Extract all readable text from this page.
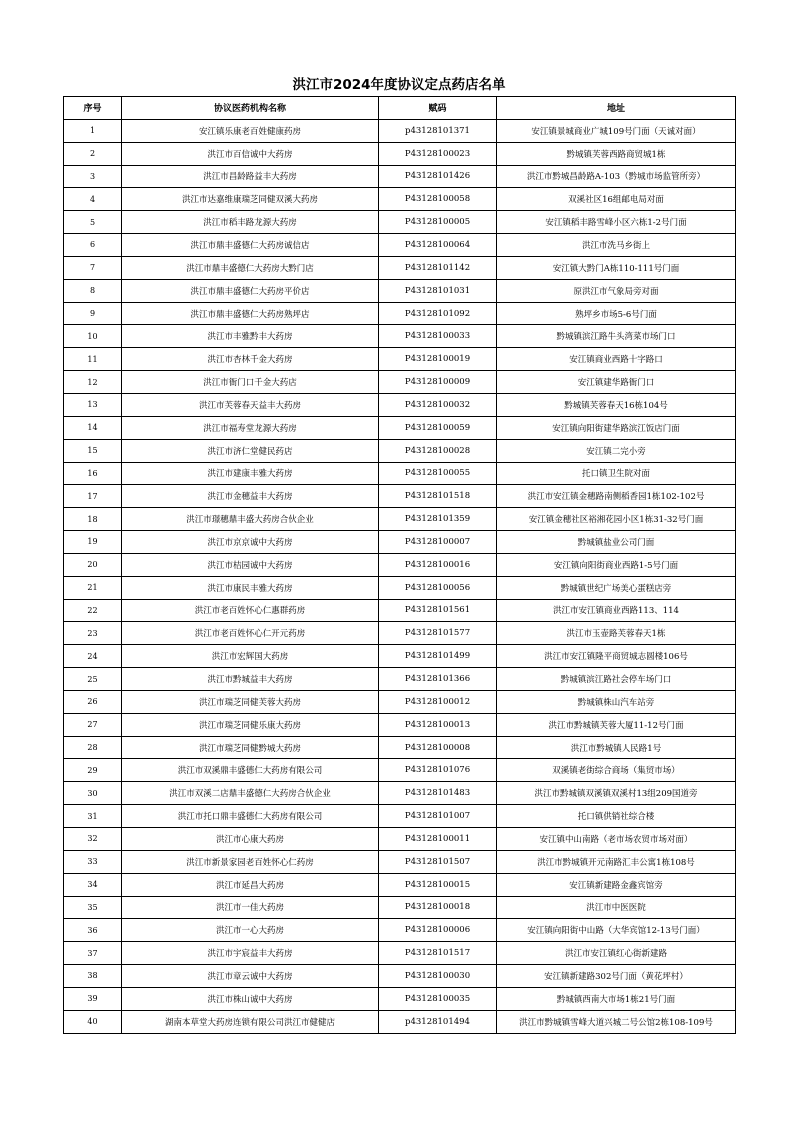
洪江市2024年度协议定点药店名单
序号	协议医药机构名称	赋码	地址
1	安江镇乐康老百姓健康药房	p43128101371	安江镇景城商业广城109号门面（天诚对面）
2	洪江市百信诚中大药房	P43128100023	黔城镇芙蓉西路商贸城1栋
3	洪江市昌龄路益丰大药房	P43128101426	洪江市黔城昌龄路A-103（黔城市场监管所旁）
4	洪江市达嘉维康瑞芝同健双溪大药房	P43128100058	双溪社区16组邮电局对面
5	洪江市稻丰路龙源大药房	P43128100005	安江镇稻丰路雪峰小区六栋1-2号门面
6	洪江市鼎丰盛德仁大药房诚信店	P43128100064	洪江市洗马乡街上
7	洪江市鼎丰盛德仁大药房大黔门店	P43128101142	安江镇大黔门A栋110-111号门面
8	洪江市鼎丰盛德仁大药房平价店	P43128101031	原洪江市气象局旁对面
9	洪江市鼎丰盛德仁大药房熟坪店	P43128101092	熟坪乡市场5-6号门面
10	洪江市丰雅黔丰大药房	P43128100033	黔城镇滨江路牛头湾菜市场门口
11	洪江市杏林千金大药房	P43128100019	安江镇商业西路十字路口
12	洪江市衙门口千金大药店	P43128100009	安江镇建华路衙门口
13	洪江市芙蓉春天益丰大药房	P43128100032	黔城镇芙蓉春天16栋104号
14	洪江市福寿堂龙源大药房	P43128100059	安江镇向阳街建华路滨江饭店门面
15	洪江市济仁堂健民药店	P43128100028	安江镇二完小旁
16	洪江市建康丰雅大药房	P43128100055	托口镇卫生院对面
17	洪江市金穗益丰大药房	P43128101518	洪江市安江镇金穗路南侧稻香园1栋102-102号
18	洪江市璟穗鼎丰盛大药房合伙企业	P43128101359	安江镇金穗社区裕湘花园小区1栋31-32号门面
19	洪江市京京诚中大药房	P43128100007	黔城镇盐业公司门面
20	洪江市桔园诚中大药房	P43128100016	安江镇向阳街商业西路1-5号门面
21	洪江市康民丰雅大药房	P43128100056	黔城镇世纪广场美心蛋糕店旁
22	洪江市老百姓怀心仁惠群药房	P43128101561	洪江市安江镇商业西路113、114
23	洪江市老百姓怀心仁开元药房	P43128101577	洪江市玉壶路芙蓉春天1栋
24	洪江市宏辉国大药房	P43128101499	洪江市安江镇隆平商贸城志圆楼106号
25	洪江市黔城益丰大药房	P43128101366	黔城镇滨江路社会停车场门口
26	洪江市瑞芝同健芙蓉大药房	P43128100012	黔城镇株山汽车站旁
27	洪江市瑞芝同健乐康大药房	P43128100013	洪江市黔城镇芙蓉大厦11-12号门面
28	洪江市瑞芝同健黔城大药房	P43128100008	洪江市黔城镇人民路1号
29	洪江市双溪鼎丰盛德仁大药房有限公司	P43128101076	双溪镇老街综合商场（集贸市场）
30	洪江市双溪二店鼎丰盛德仁大药房合伙企业	P43128101483	洪江市黔城镇双溪镇双溪村13组209国道旁
31	洪江市托口鼎丰盛德仁大药房有限公司	P43128101007	托口镇供销社综合楼
32	洪江市心康大药房	P43128100011	安江镇中山南路（老市场农贸市场对面）
33	洪江市新景家园老百姓怀心仁药房	P43128101507	洪江市黔城镇开元南路汇丰公寓1栋108号
34	洪江市延昌大药房	P43128100015	安江镇新建路金鑫宾馆旁
35	洪江市一佳大药房	P43128100018	洪江市中医医院
36	洪江市一心大药房	P43128100006	安江镇向阳街中山路（大华宾馆12-13号门面）
37	洪江市宇宸益丰大药房	P43128101517	洪江市安江镇红心街新建路
38	洪江市章云诚中大药房	P43128100030	安江镇新建路302号门面（黄花坪村）
39	洪江市株山诚中大药房	P43128100035	黔城镇西南大市场1栋21号门面
40	湖南本草堂大药房连锁有限公司洪江市健健店	p43128101494	洪江市黔城镇雪峰大道兴城二号公馆2栋108-109号
